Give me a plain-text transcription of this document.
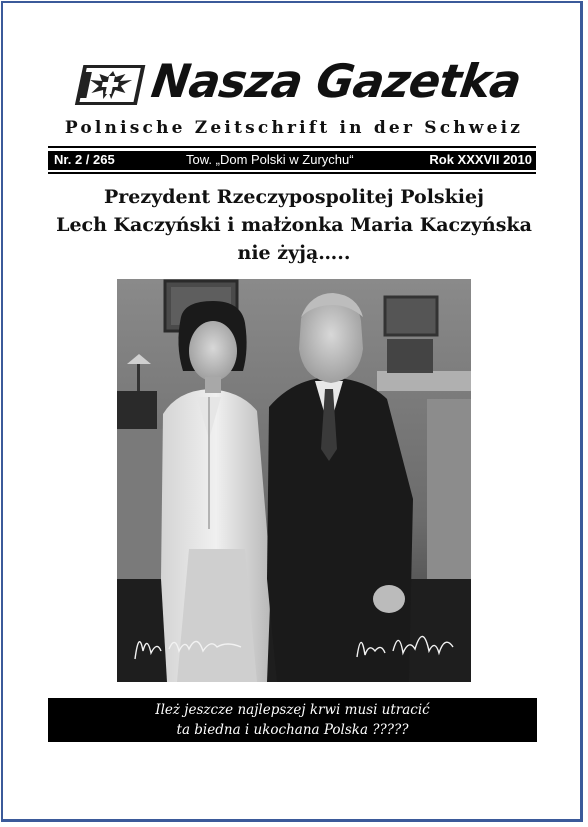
Nasza Gazetka
Polnische Zeitschrift in der Schweiz
Nr. 2 / 265	Tow. „Dom Polski w Zurychu“	Rok XXXVII 2010
Prezydent Rzeczypospolitej Polskiej
Lech Kaczyński i małżonka Maria Kaczyńska
nie żyją…..
Ileż jeszcze najlepszej krwi musi utracić
ta biedna i ukochana Polska ?????
